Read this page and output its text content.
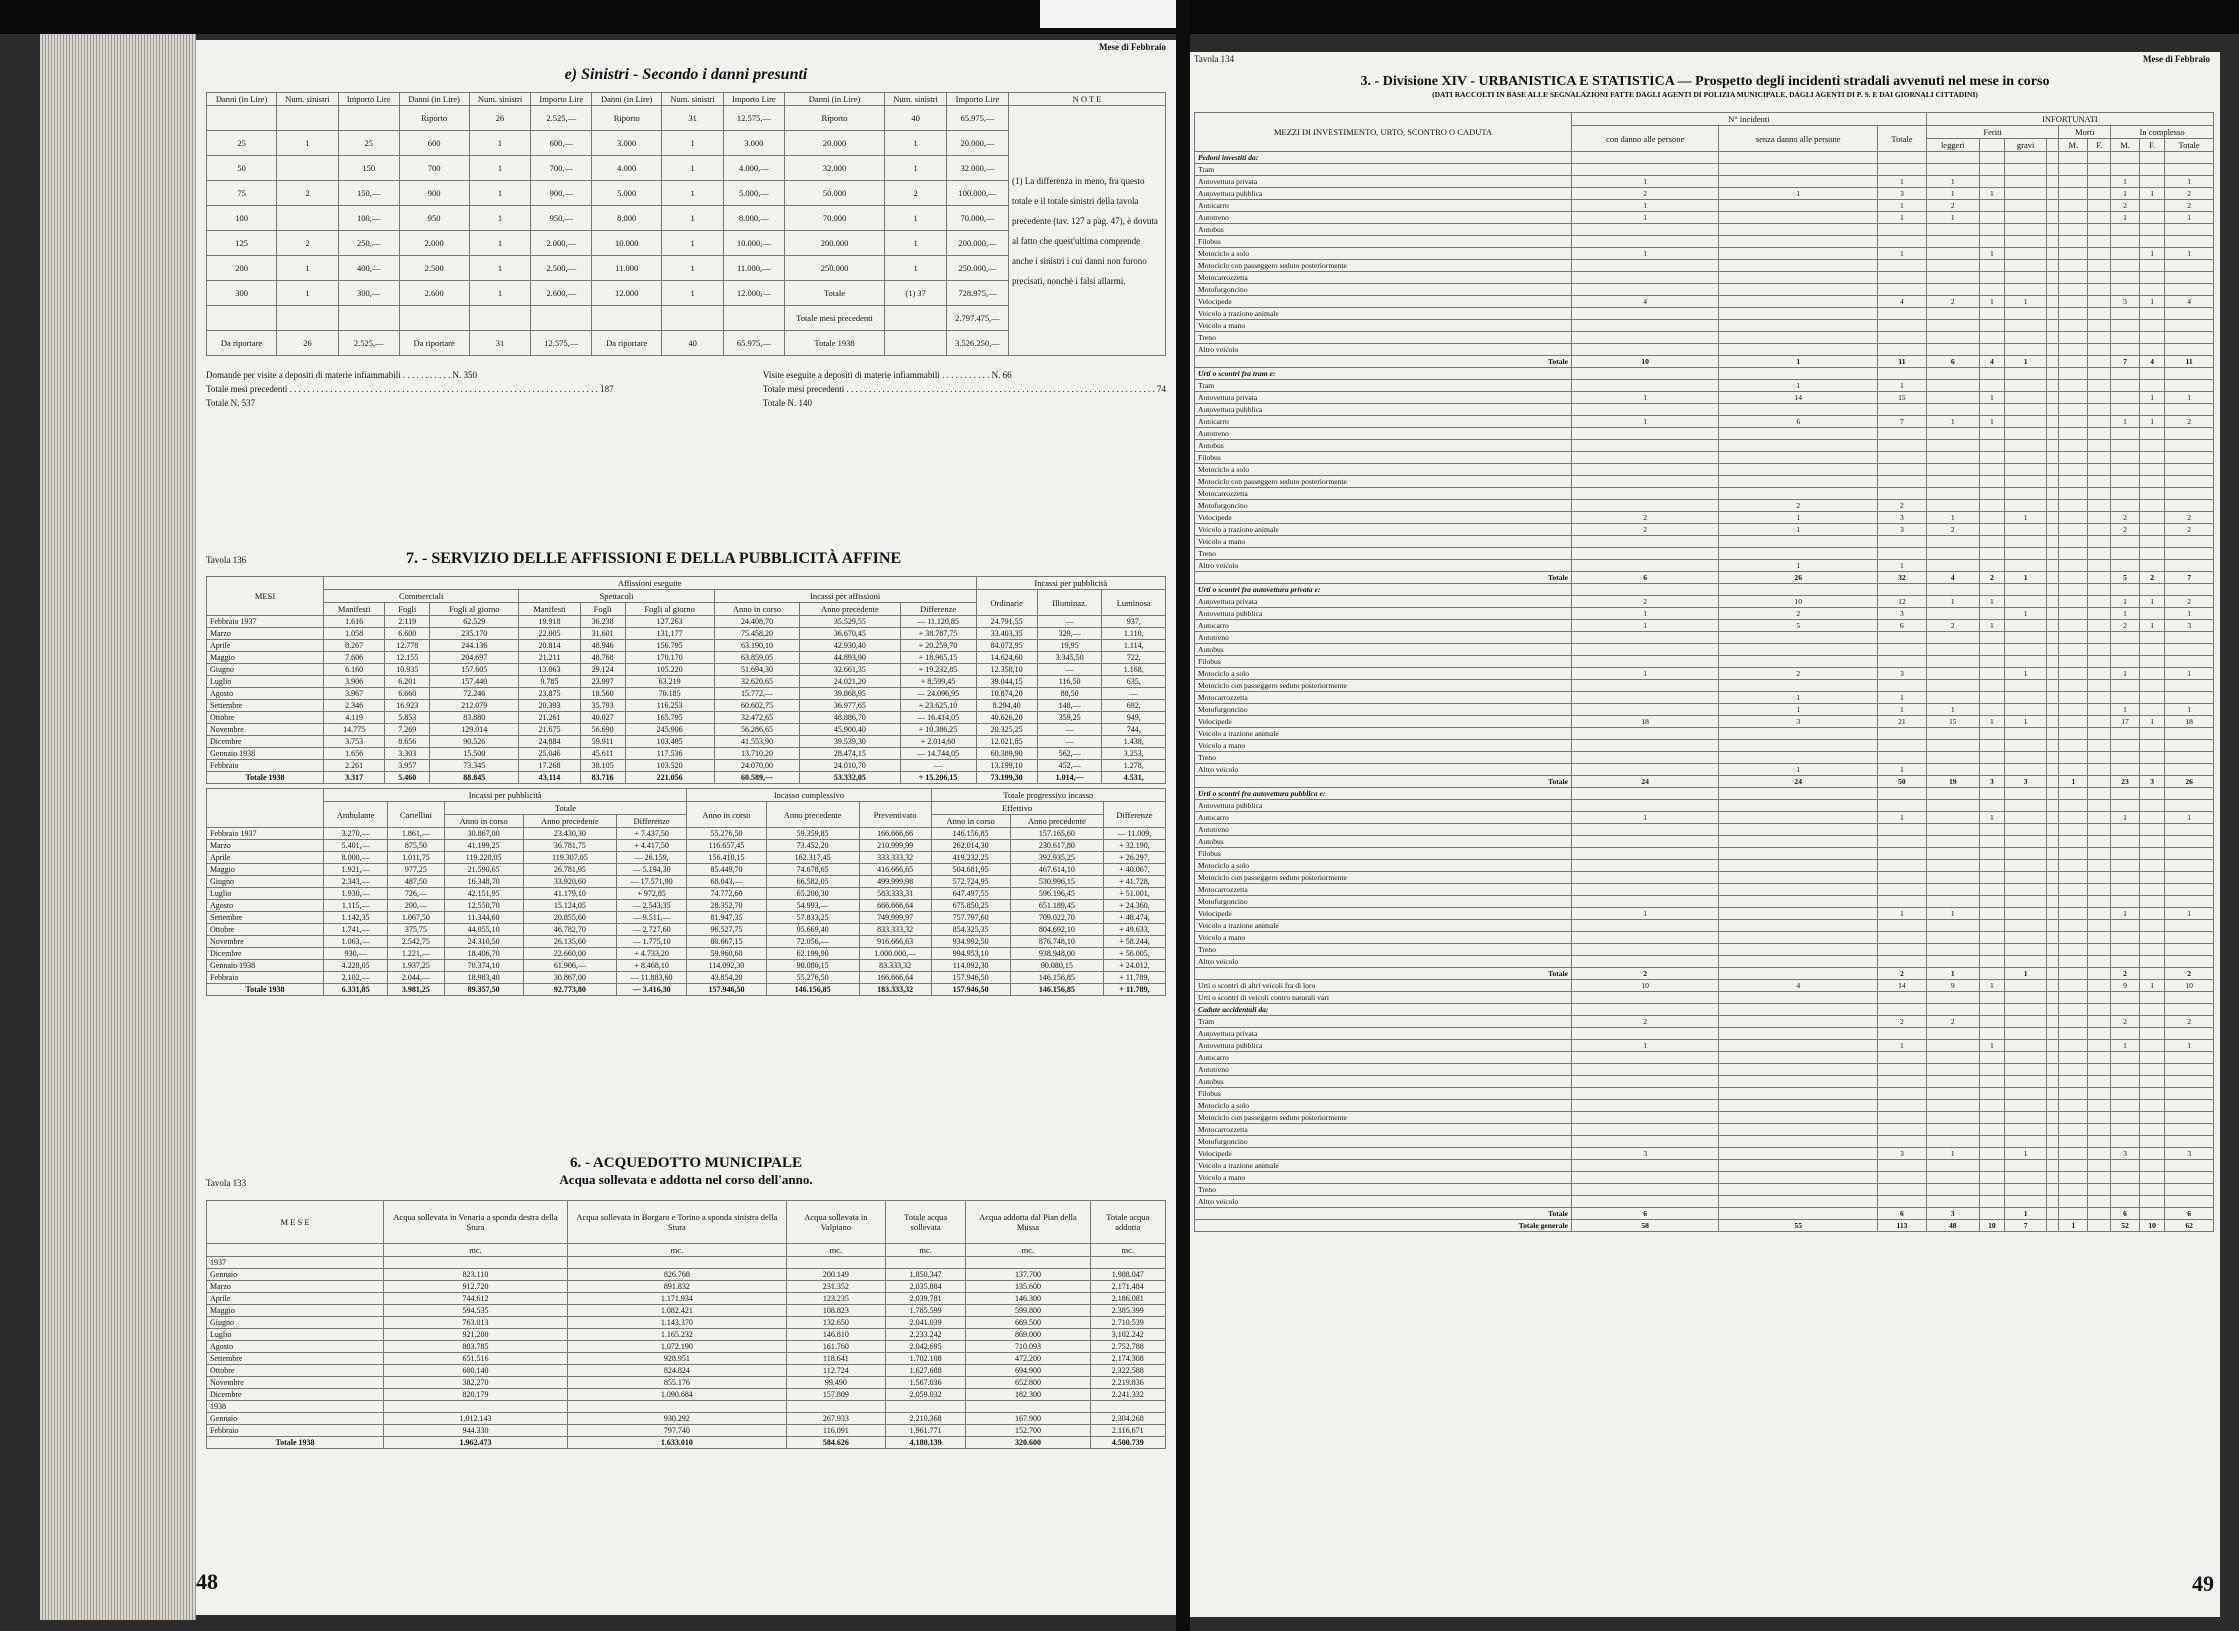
Mese di Febbraio
e) Sinistri - Secondo i danni presunti
Danni (in Lire)	Num. sinistri	Importo Lire	Danni (in Lire)	Num. sinistri	Importo Lire	Danni (in Lire)	Num. sinistri	Importo Lire	Danni (in Lire)	Num. sinistri	Importo Lire	N O T E
			Riporto	26	2.525,—	Riporto	31	12.575,—	Riporto	40	65.975,—	(1) La differenza in meno, fra questo totale e il totale sinistri della tavola precedente (tav. 127 a pag. 47), è dovuta al fatto che quest'ultima comprende anche i sinistri i cui danni non furono precisati, nonchè i falsi allarmi.
25	1	25	600	1	600,—	3.000	1	3.000	20.000	1	20.000,—	
50		150	700	1	700,—	4.000	1	4.000,—	32.000	1	32.000,—	
75	2	150,—	900	1	900,—	5.000	1	5.000,—	50.000	2	100.000,—	
100		100,—	950	1	950,—	8.000	1	8.000,—	70.000	1	70.000,—	
125	2	250,—	2.000	1	2.000,—	10.000	1	10.000,—	200.000	1	200.000,—	
200	1	400,—	2.500	1	2.500,—	11.000	1	11.000,—	250.000	1	250.000,—	
300	1	300,—	2.600	1	2.600,—	12.000	1	12.000,—	Totale	(1) 37	728.975,—	
									Totale mesi precedenti		2.797.475,—	
Da riportare	26	2.525,—	Da riportare	31	12.575,—	Da riportare	40	65.975,—	Totale 1938		3.526.250,—	
Domande per visite a depositi di materie infiammabili . . . . . . . . . . . N. 350
Totale mesi precedenti . . . . . . . . . . . . . . . . . . . . . . . . . . . . . . . . . . . . . . . . . . . . . . . . . . . . . . . . . . . . . . . . . . . . . 187
Totale N. 537
Visite eseguite a depositi di materie infiammabili . . . . . . . . . . . N. 66
Totale mesi precedenti . . . . . . . . . . . . . . . . . . . . . . . . . . . . . . . . . . . . . . . . . . . . . . . . . . . . . . . . . . . . . . . . . . . . . 74
Totale N. 140
Tavola 136	7. - SERVIZIO DELLE AFFISSIONI E DELLA PUBBLICITÀ AFFINE
MESI	Affissioni eseguite									Incassi per pubblicità		
	Commerciali			Spettacoli			Incassi per affissioni			Ordinarie	Illuminaz.	Luminosa
	Manifesti	Fogli	Fogli al giorno	Manifesti	Fogli	Fogli al giorno	Anno in corso	Anno precedente	Differenze			
Febbraio 1937	1.616	2.119	62.529	19.918	36.238	127.263	24.408,70	35.529,55	— 11.120,85	24.791,55	—	937,
Marzo	1.058	6.600	235.170	22.005	31.601	131.177	75.458,20	36.670,45	+ 38.787,75	33.403,35	329,—	1.110,
Aprile	8.267	12.778	244.136	20.814	48.946	156.795	63.190,10	42.930,40	+ 20.259,70	84.072,95	19,95	1.114,
Maggio	7.606	12.155	204.697	21.211	48.768	170.170	63.859,05	44.893,90	+ 18.965,15	14.624,60	3.345,50	722,
Giugno	6.160	10.935	157.605	13.063	29.124	105.220	51.694,30	32.661,35	+ 19.232,85	12.358,10	—	1.168,
Luglio	3.906	6.201	157.440	9.785	23.997	63.219	32.620,65	24.021,20	+ 8.599,45	39.044,15	116,50	635,
Agosto	3.967	6.660	72.246	23.875	18.560	70.185	15.772,—	39.868,95	— 24.096,95	10.874,20	88,50	—
Settembre	2.346	16.923	212.079	20.393	35.793	116.253	60.602,75	36.977,65	+ 23.625,10	8.294,40	148,—	692,
Ottobre	4.119	5.853	83.880	21.261	40.027	165.795	32.472,65	48.886,70	— 16.414,05	40.626,20	359,25	949,
Novembre	14.775	7.269	129.014	21.675	56.690	245.906	56.286,65	45.900,40	+ 10.386,25	20.325,25	—	744,
Dicembre	3.753	8.656	90.526	24.884	59.911	103.405	41.553,90	39.539,30	+ 2.014,60	12.021,85	—	1.438,
Gennaio 1938	1.656	3.303	15.500	25.046	45.611	117.536	13.710,20	28.474,15	— 14.744,05	60.389,90	562,—	3.253,
Febbraio	2.261	3.957	73.345	17.268	38.105	103.520	24.070,00	24.010,70	—	13.199,10	452,—	1.278,
Totale 1938	3.317	5.460	88.845	43.114	83.716	221.056	60.589,—	53.332,05	+ 15.206,15	73.199,30	1.014,—	4.531,
	Incassi per pubblicità					Incasso complessivo			Totale progressivo incasso		
	Ambulante	Cartellini	Totale			Anno in corso	Anno precedente	Preventivato	Effettivo		Differenze
			Anno in corso	Anno precedente	Differenze				Anno in corso	Anno precedente	
Febbraio 1937	3.270,—	1.861,—	30.867,00	23.430,30	+ 7.437,50	55.276,50	59.359,85	166.666,66	146.156,85	157.165,60	— 11.009,
Marzo	5.401,—	875,50	41.199,25	36.781,75	+ 4.417,50	116.657,45	73.452,20	210.999,99	262.014,30	230.617,80	+ 32.190,
Aprile	8.000,—	1.011,75	119.220,05	119.307,05	— 26.159,	156.410,15	162.317,45	333.333,32	419.232,25	392.935,25	+ 26.297,
Maggio	1.921,—	977,25	21.590,65	26.781,95	— 5.194,30	85.449,70	74.678,65	416.666,65	504.681,95	467.614,10	+ 40.067,
Giugno	2.343,—	487,50	16.348,70	33.920,60	— 17.571,90	68.043,—	66.582,05	499.999,98	572.724,95	530.996,15	+ 41.728,
Luglio	1.930,—	726,—	42.151,95	41.179,10	+ 972,85	74.772,60	65.200,30	583.333,31	647.497,55	596.196,45	+ 51.001,
Agosto	1.115,—	200,—	12.550,70	15.124,05	— 2.543,35	28.352,70	54.993,—	666.666,64	675.850,25	651.189,45	+ 24.360,
Settembre	1.142,35	1.067,50	11.344,60	20.855,60	— 9.511,—	81.947,35	57.833,25	749.999,97	757.797,60	709.022,70	+ 48.474,
Ottobre	1.741,—	375,75	44.055,10	46.782,70	— 2.727,60	96.527,75	95.669,40	833.333,32	854.325,35	804.692,10	+ 49.633,
Novembre	1.063,—	2.542,75	24.310,50	26.135,60	— 1.775,10	80.667,15	72.056,—	916.666,63	934.992,50	876.748,10	+ 58.244,
Dicembre	930,—	1.221,—	18.406,70	22.660,00	+ 4.733,20	59.960,60	62.199,90	1.000.000,—	994.953,10	938.948,00	+ 56.005,
Gennaio 1938	4.228,05	1.937,25	70.374,10	61.906,—	+ 8.468,10	114.092,30	90.080,15	83.333,32	114.092,30	90.080,15	+ 24.012,
Febbraio	2.102,—	2.044,—	18.983,40	30.867,00	— 11.883,60	43.854,20	55.276,50	166.666,64	157.946,50	146.156,85	+ 11.789,
Totale 1938	6.331,85	3.981,25	89.357,50	92.773,80	— 3.416,30	157.946,50	146.156,85	183.333,32	157.946,50	146.156,85	+ 11.789,
Tavola 133
6. - ACQUEDOTTO MUNICIPALE
Acqua sollevata e addotta nel corso dell'anno.
M E S E	Acqua sollevata in Venaria a sponda destra della Stura	Acqua sollevata in Borgaro e Torino a sponda sinistra della Stura	Acqua sollevata in Valpiano	Totale acqua sollevata	Acqua addotta dal Pian della Mussa	Totale acqua addotta
	mc.	mc.	mc.	mc.	mc.	mc.
1937						
Gennaio	823.110	826.768	200.149	1.850.347	137.700	1.988.047
Marzo	912.720	891.832	231.352	2.035.884	135.600	2.171.484
Aprile	744.612	1.171.934	123.235	2.039.781	146.300	2.186.081
Maggio	594.535	1.082.421	108.823	1.785.599	599.800	2.385.399
Giugno	763.013	1.143.370	132.650	2.041.039	669.500	2.710.539
Luglio	921.200	1.165.232	146.810	2.233.242	869.000	3.102.242
Agosto	803.785	1.072.190	161.760	2.042.695	710.093	2.752.788
Settembre	651.516	928.951	118.641	1.702.108	472.200	2.174.308
Ottobre	600.140	824.824	112.724	1.627.688	694.900	2.322.588
Novembre	382.270	855.176	99.490	1.567.036	652.800	2.219.836
Dicembre	820.179	1.090.684	157.809	2.059.032	182.300	2.241.332
1938						
Gennaio	1.012.143	930.292	267.933	2.210.368	167.900	2.304.268
Febbraio	944.330	797.740	116.091	1.961.771	152.700	2.116.671
Totale 1938	1.962.473	1.633.010	584.626	4.180.139	320.600	4.500.739
48
Tavola 134	Mese di Febbraio
3. - Divisione XIV - URBANISTICA E STATISTICA — Prospetto degli incidenti stradali avvenuti nel mese in corso
(DATI RACCOLTI IN BASE ALLE SEGNALAZIONI FATTE DAGLI AGENTI DI POLIZIA MUNICIPALE, DAGLI AGENTI DI P. S. E DAI GIORNALI CITTADINI)
MEZZI DI INVESTIMENTO, URTO, SCONTRO O CADUTA	N° incidenti			INFORTUNATI								
	con danno alle persone	senza danno alle persone	Totale	Feriti				Morti		In complesso		
				leggeri		gravi		M.	F.	M.	F.	Totale
Pedoni investiti da:												
Tram												
Autovettura privata	1		1	1						1		1
Autovettura pubblica	2	1	3	1	1					1	1	2
Autocarro	1		1	2						2		2
Autotreno	1		1	1						1		1
Autobus												
Filobus												
Motociclo a solo	1		1		1						1	1
Motociclo con passeggero seduto posteriormente												
Motocarrozzetta												
Motofurgoncino												
Velocipede	4		4	2	1	1				3	1	4
Veicolo a trazione animale												
Veicolo a mano												
Treno												
Altro veicolo												
Totale	10	1	11	6	4	1				7	4	11
Urti o scontri fra tram e:												
Tram		1	1									
Autovettura privata	1	14	15		1						1	1
Autovettura pubblica												
Autocarro	1	6	7	1	1					1	1	2
Autotreno												
Autobus												
Filobus												
Motociclo a solo												
Motociclo con passeggero seduto posteriormente												
Motocarrozzetta												
Motofurgoncino		2	2									
Velocipede	2	1	3	1		1				2		2
Veicolo a trazione animale	2	1	3	2						2		2
Veicolo a mano												
Treno												
Altro veicolo		1	1									
Totale	6	26	32	4	2	1				5	2	7
Urti o scontri fra autovettura privata e:												
Autovettura privata	2	10	12	1	1					1	1	2
Autovettura pubblica	1	2	3			1				1		1
Autocarro	1	5	6	2	1					2	1	3
Autotreno												
Autobus												
Filobus												
Motociclo a solo	1	2	3			1				1		1
Motociclo con passeggero seduto posteriormente												
Motocarrozzetta		1	1									
Motofurgoncino		1	1	1						1		1
Velocipede	18	3	21	15	1	1				17	1	18
Veicolo a trazione animale												
Veicolo a mano												
Treno												
Altro veicolo		1	1									
Totale	24	24	50	19	3	3		1		23	3	26
Urti o scontri fra autovettura pubblica e:												
Autovettura pubblica												
Autocarro	1		1		1					1		1
Autotreno												
Autobus												
Filobus												
Motociclo a solo												
Motociclo con passeggero seduto posteriormente												
Motocarrozzetta												
Motofurgoncino												
Velocipede	1		1	1						1		1
Veicolo a trazione animale												
Veicolo a mano												
Treno												
Altro veicolo												
Totale	2		2	1		1				2		2
Urti o scontri di altri veicoli fra di loro	10	4	14	9	1					9	1	10
Urti o scontri di veicoli contro naturali vari												
Cadute accidentali da:												
Tram	2		2	2						2		2
Autovettura privata												
Autovettura pubblica	1		1		1					1		1
Autocarro												
Autotreno												
Autobus												
Filobus												
Motociclo a solo												
Motociclo con passeggero seduto posteriormente												
Motocarrozzetta												
Motofurgoncino												
Velocipede	3		3	1		1				3		3
Veicolo a trazione animale												
Veicolo a mano												
Treno												
Altro veicolo												
Totale	6		6	3		1				6		6
Totale generale	58	55	113	48	10	7		1		52	10	62
49
